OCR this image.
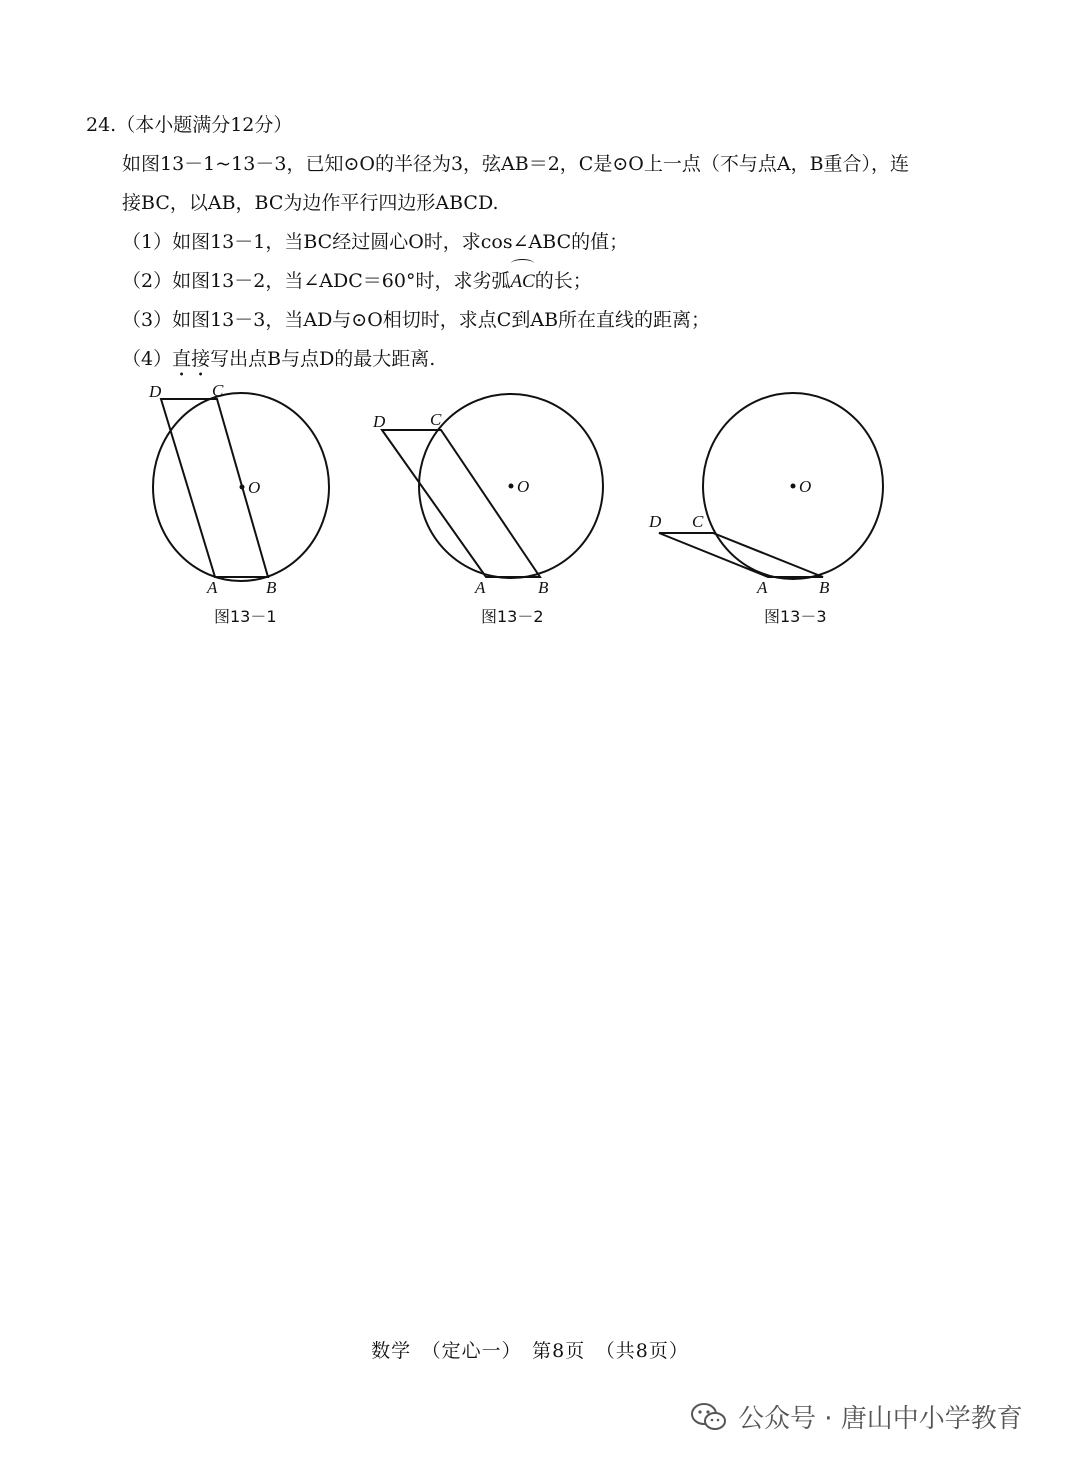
24.（本小题满分12分）
如图13－1~13－3，已知⊙O的半径为3，弦AB＝2，C是⊙O上一点（不与点A，B重合），连
接BC，以AB，BC为边作平行四边形ABCD.
（1）如图13－1，当BC经过圆心O时，求cos∠ABC的值；
（2）如图13－2，当∠ADC＝60°时，求劣弧AC的长；
（3）如图13－3，当AD与⊙O相切时，求点C到AB所在直线的距离；
（4）直接写出点B与点D的最大距离.
D	C
O
A	B
图13－1
D	C
O
A	B
图13－2
D C
O
A	B
图13－3
数学　（定心一）　第8页　（共8页）
公众号 · 唐山中小学教育
